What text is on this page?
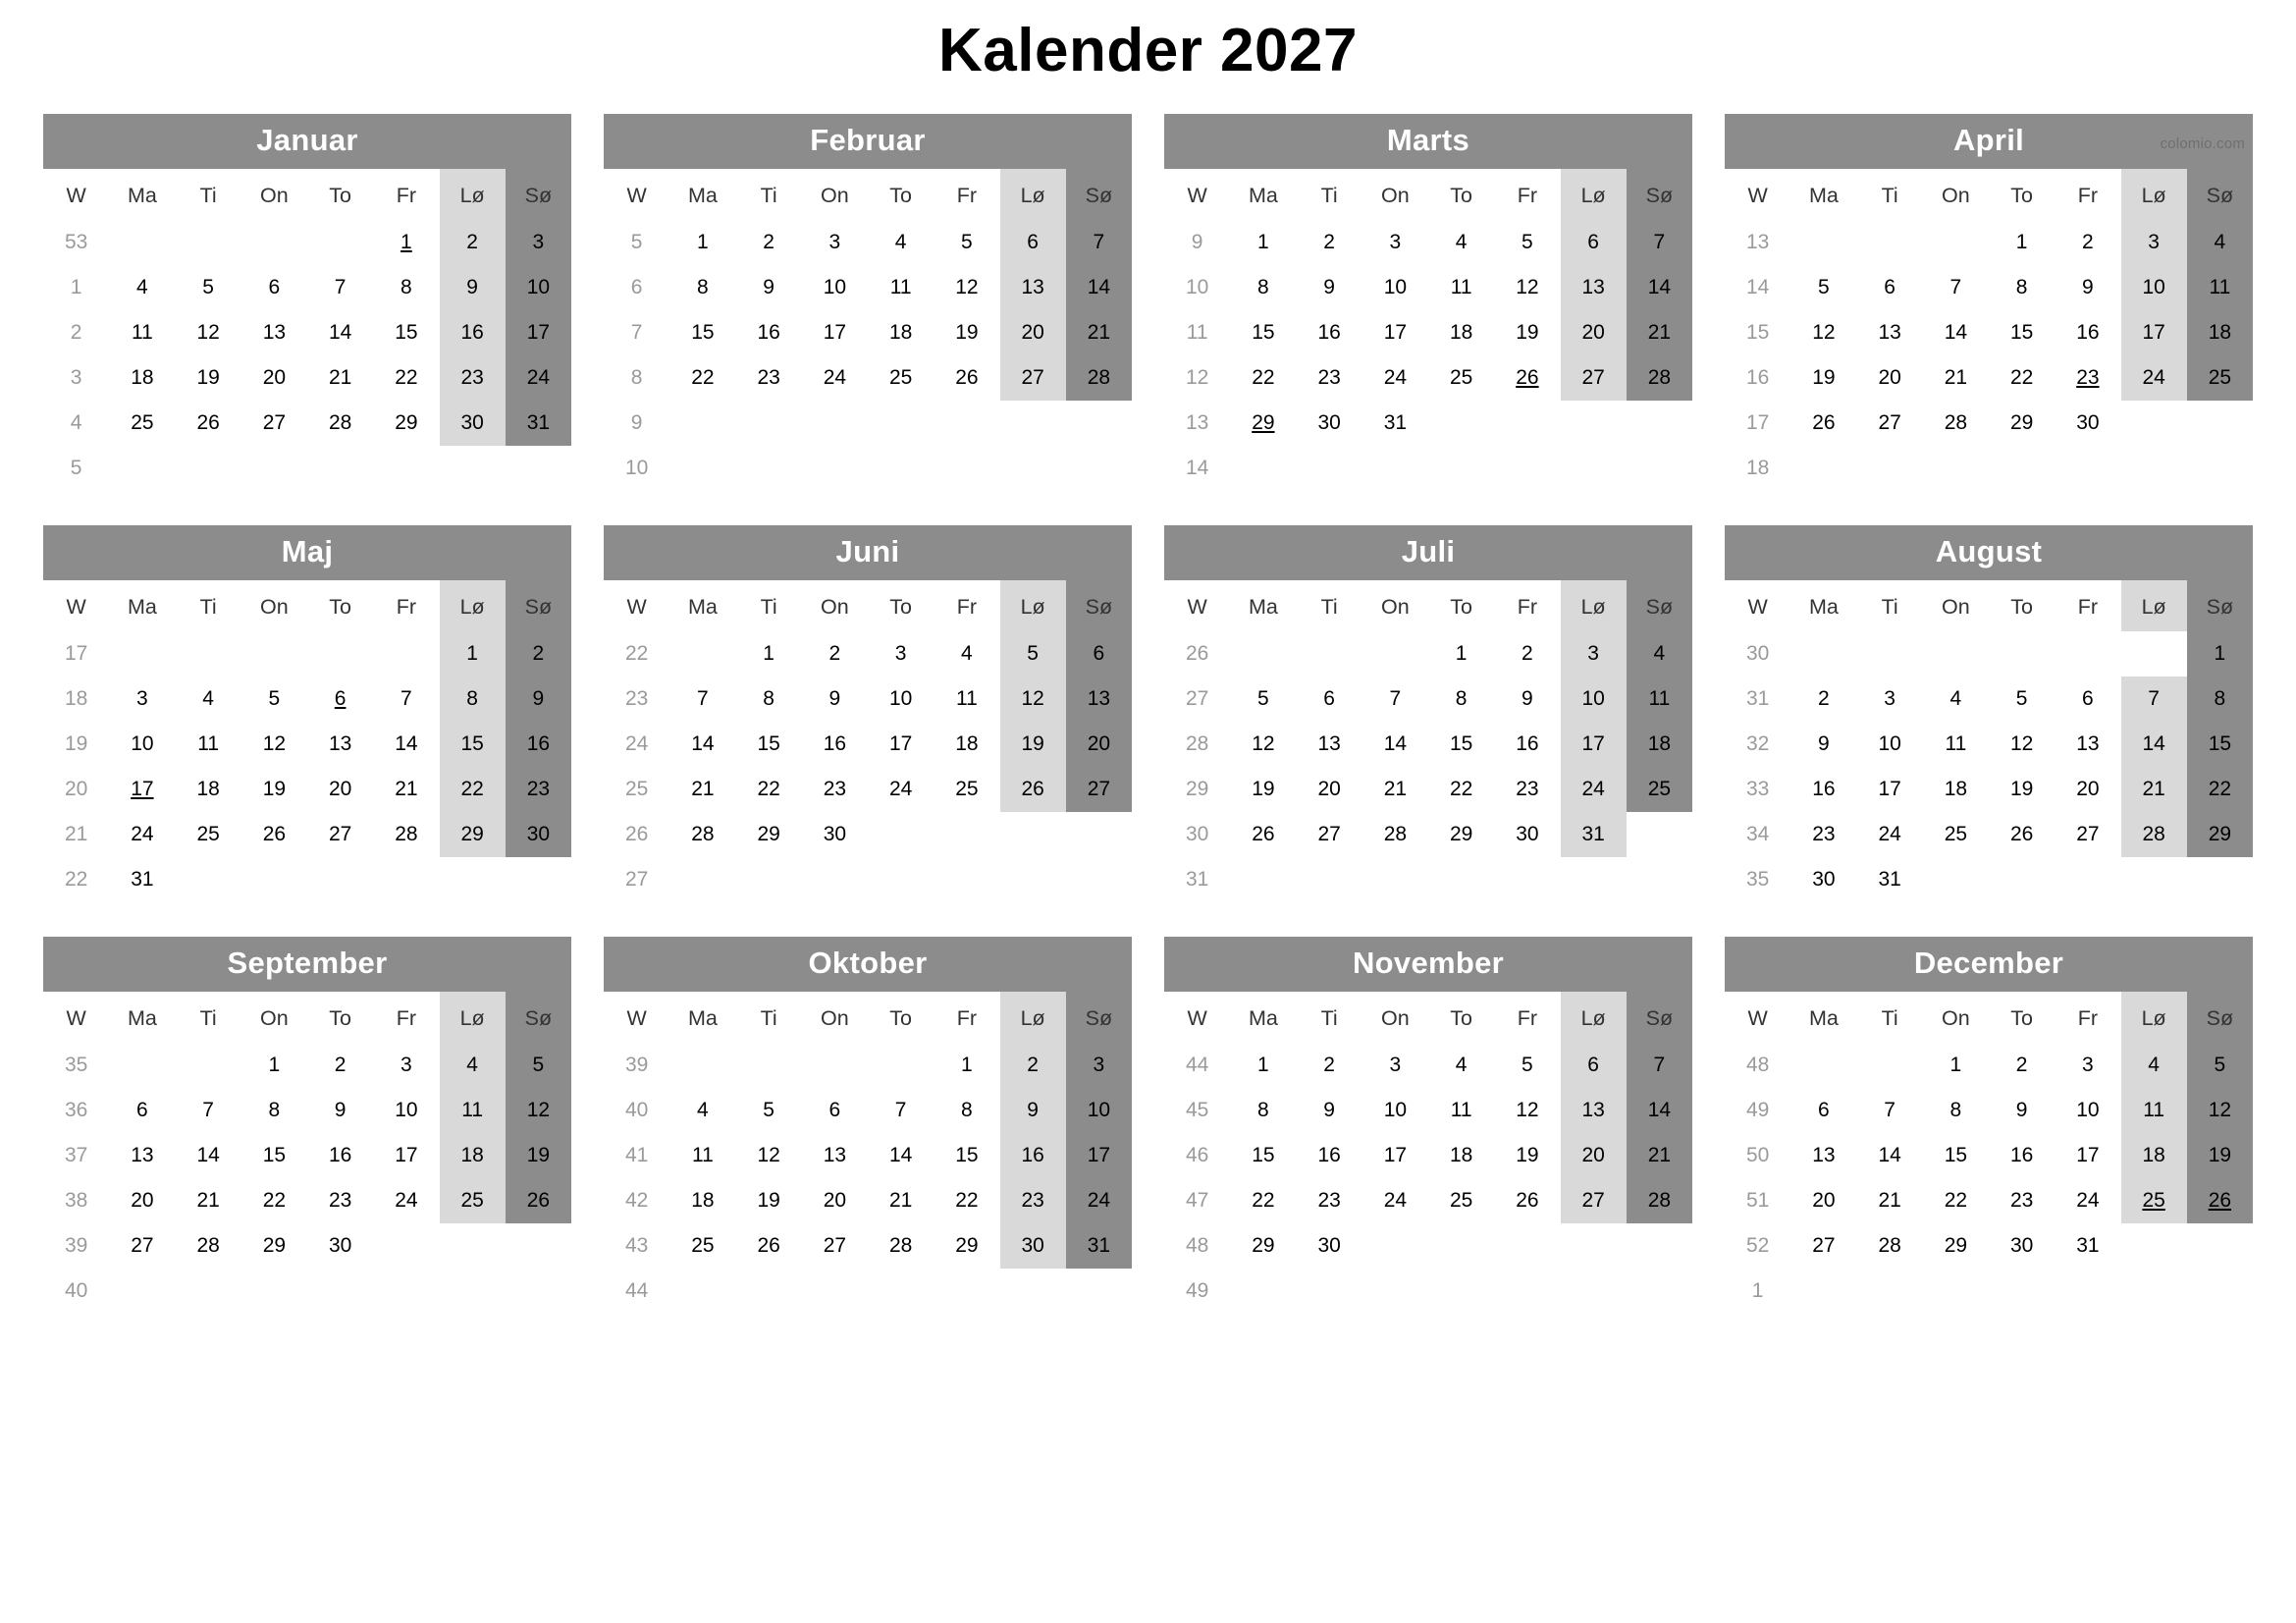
Kalender 2027
colomio.com
Januar
W	Ma	Ti	On	To	Fr	Lø	Sø
53					1	2	3
1	4	5	6	7	8	9	10
2	11	12	13	14	15	16	17
3	18	19	20	21	22	23	24
4	25	26	27	28	29	30	31
5							
Februar
W	Ma	Ti	On	To	Fr	Lø	Sø
5	1	2	3	4	5	6	7
6	8	9	10	11	12	13	14
7	15	16	17	18	19	20	21
8	22	23	24	25	26	27	28
9							
10							
Marts
W	Ma	Ti	On	To	Fr	Lø	Sø
9	1	2	3	4	5	6	7
10	8	9	10	11	12	13	14
11	15	16	17	18	19	20	21
12	22	23	24	25	26	27	28
13	29	30	31				
14							
April
W	Ma	Ti	On	To	Fr	Lø	Sø
13				1	2	3	4
14	5	6	7	8	9	10	11
15	12	13	14	15	16	17	18
16	19	20	21	22	23	24	25
17	26	27	28	29	30		
18							
Maj
W	Ma	Ti	On	To	Fr	Lø	Sø
17						1	2
18	3	4	5	6	7	8	9
19	10	11	12	13	14	15	16
20	17	18	19	20	21	22	23
21	24	25	26	27	28	29	30
22	31						
Juni
W	Ma	Ti	On	To	Fr	Lø	Sø
22		1	2	3	4	5	6
23	7	8	9	10	11	12	13
24	14	15	16	17	18	19	20
25	21	22	23	24	25	26	27
26	28	29	30				
27							
Juli
W	Ma	Ti	On	To	Fr	Lø	Sø
26				1	2	3	4
27	5	6	7	8	9	10	11
28	12	13	14	15	16	17	18
29	19	20	21	22	23	24	25
30	26	27	28	29	30	31	
31							
August
W	Ma	Ti	On	To	Fr	Lø	Sø
30							1
31	2	3	4	5	6	7	8
32	9	10	11	12	13	14	15
33	16	17	18	19	20	21	22
34	23	24	25	26	27	28	29
35	30	31					
September
W	Ma	Ti	On	To	Fr	Lø	Sø
35			1	2	3	4	5
36	6	7	8	9	10	11	12
37	13	14	15	16	17	18	19
38	20	21	22	23	24	25	26
39	27	28	29	30			
40							
Oktober
W	Ma	Ti	On	To	Fr	Lø	Sø
39					1	2	3
40	4	5	6	7	8	9	10
41	11	12	13	14	15	16	17
42	18	19	20	21	22	23	24
43	25	26	27	28	29	30	31
44							
November
W	Ma	Ti	On	To	Fr	Lø	Sø
44	1	2	3	4	5	6	7
45	8	9	10	11	12	13	14
46	15	16	17	18	19	20	21
47	22	23	24	25	26	27	28
48	29	30					
49							
December
W	Ma	Ti	On	To	Fr	Lø	Sø
48			1	2	3	4	5
49	6	7	8	9	10	11	12
50	13	14	15	16	17	18	19
51	20	21	22	23	24	25	26
52	27	28	29	30	31		
1							
